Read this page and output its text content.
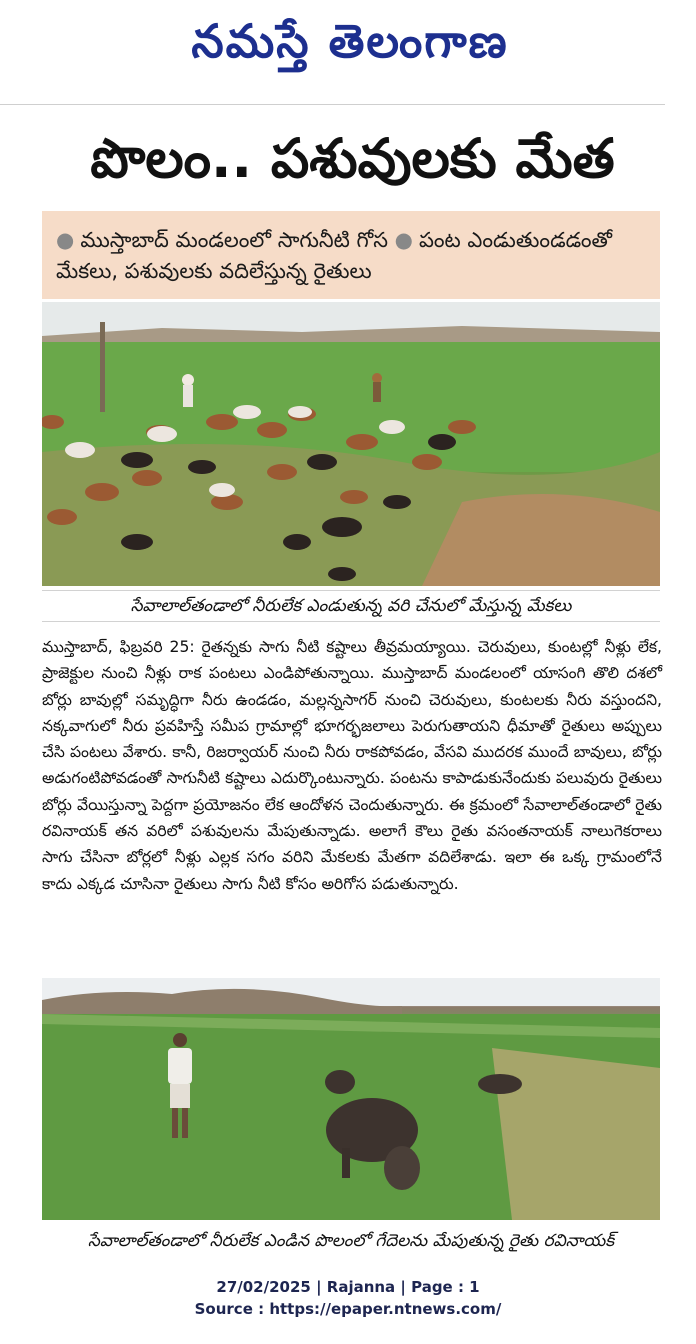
నమస్తే తెలంగాణ
పొలం.. పశువులకు మేత

● ముస్తాబాద్ మండలంలో సాగునీటి గోస ● పంట ఎండుతుండడంతో మేకలు, పశువులకు వదిలేస్తున్న రైతులు

సేవాలాల్‌తండాలో నీరులేక ఎండుతున్న వరి చేనులో మేస్తున్న మేకలు
ముస్తాబాద్, ఫిబ్రవరి 25: రైతన్నకు సాగు నీటి కష్టాలు తీవ్రమయ్యాయి. చెరువులు, కుంటల్లో నీళ్లు లేక, ప్రాజెక్టుల నుంచి నీళ్లు రాక పంటలు ఎండిపోతున్నాయి. ముస్తాబాద్ మండలంలో యాసంగి తొలి దశలో బోర్లు బావుల్లో సమృద్ధిగా నీరు ఉండడం, మల్లన్నసాగర్ నుంచి చెరువులు, కుంటలకు నీరు వస్తుందని, నక్కవాగులో నీరు ప్రవహిస్తే సమీప గ్రామాల్లో భూగర్భజలాలు పెరుగుతాయని ధీమాతో రైతులు అప్పులు చేసి పంటలు వేశారు. కానీ, రిజర్వాయర్ నుంచి నీరు రాకపోవడం, వేసవి ముదరక ముందే బావులు, బోర్లు అడుగంటిపోవడంతో సాగునీటి కష్టాలు ఎదుర్కొంటున్నారు. పంటను కాపాడుకునేందుకు పలువురు రైతులు బోర్లు వేయిస్తున్నా పెద్దగా ప్రయోజనం లేక ఆందోళన చెందుతున్నారు. ఈ క్రమంలో సేవాలాల్‌తండాలో రైతు రవినాయక్ తన వరిలో పశువులను మేపుతున్నాడు. అలాగే కౌలు రైతు వసంతనాయక్ నాలుగెకరాలు సాగు చేసినా బోర్లలో నీళ్లు ఎల్లక సగం వరిని మేకలకు మేతగా వదిలేశాడు. ఇలా ఈ ఒక్క గ్రామంలోనే కాదు ఎక్కడ చూసినా రైతులు సాగు నీటి కోసం అరిగోస పడుతున్నారు.
సేవాలాల్‌తండాలో నీరులేక ఎండిన పొలంలో గేదెలను మేపుతున్న రైతు రవినాయక్
27/02/2025 | Rajanna | Page : 1
Source : https://epaper.ntnews.com/
